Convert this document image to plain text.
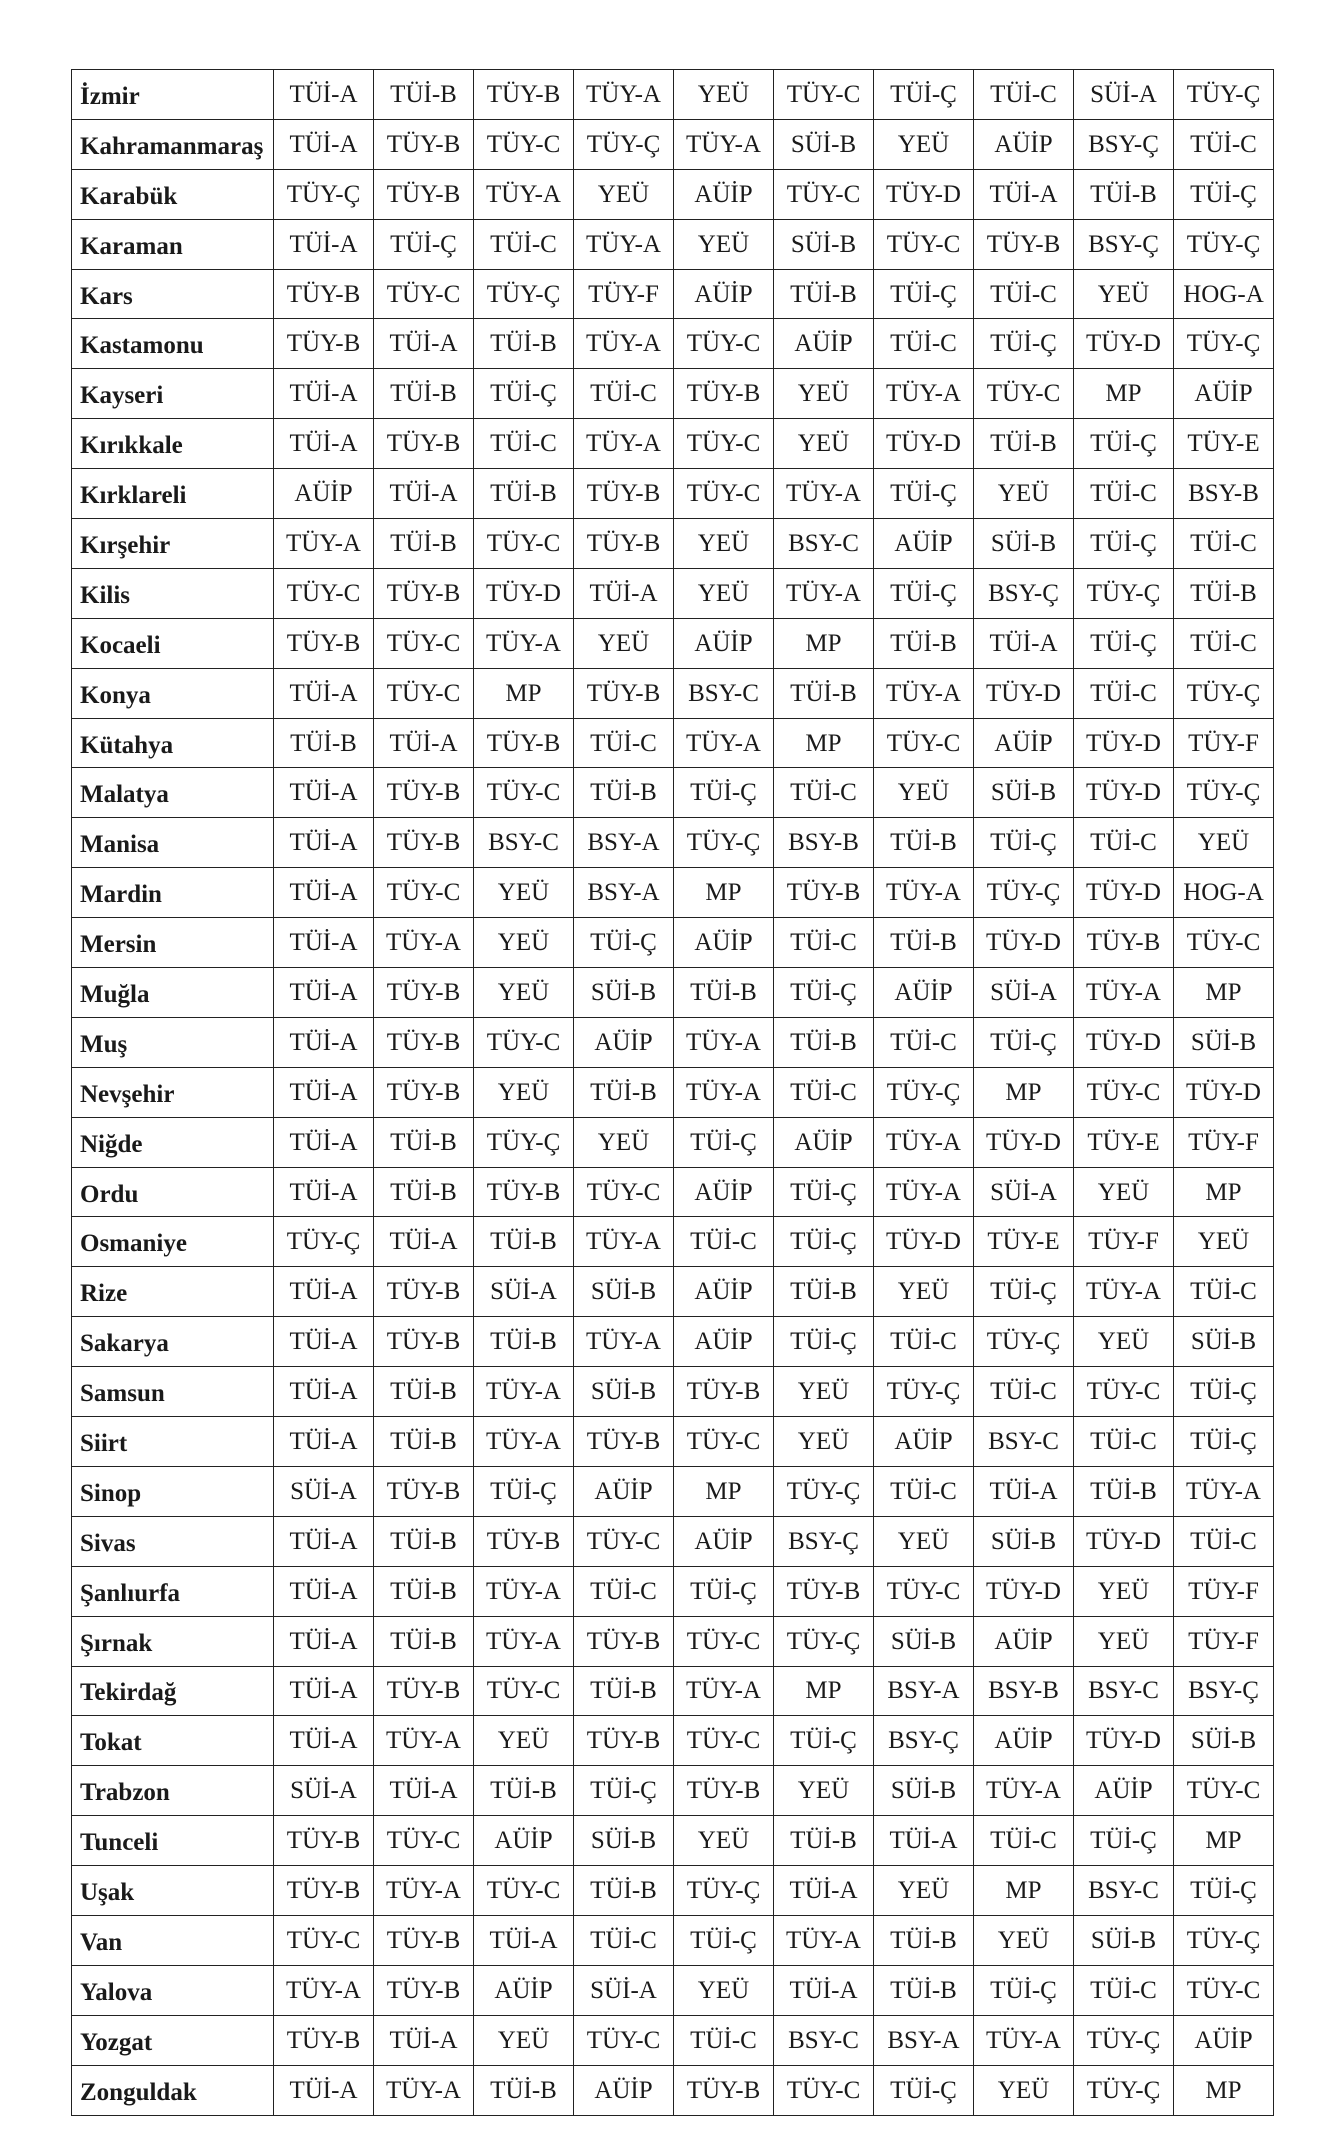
İzmir	TÜİ-A	TÜİ-B	TÜY-B	TÜY-A	YEÜ	TÜY-C	TÜİ-Ç	TÜİ-C	SÜİ-A	TÜY-Ç
Kahramanmaraş	TÜİ-A	TÜY-B	TÜY-C	TÜY-Ç	TÜY-A	SÜİ-B	YEÜ	AÜİP	BSY-Ç	TÜİ-C
Karabük	TÜY-Ç	TÜY-B	TÜY-A	YEÜ	AÜİP	TÜY-C	TÜY-D	TÜİ-A	TÜİ-B	TÜİ-Ç
Karaman	TÜİ-A	TÜİ-Ç	TÜİ-C	TÜY-A	YEÜ	SÜİ-B	TÜY-C	TÜY-B	BSY-Ç	TÜY-Ç
Kars	TÜY-B	TÜY-C	TÜY-Ç	TÜY-F	AÜİP	TÜİ-B	TÜİ-Ç	TÜİ-C	YEÜ	HOG-A
Kastamonu	TÜY-B	TÜİ-A	TÜİ-B	TÜY-A	TÜY-C	AÜİP	TÜİ-C	TÜİ-Ç	TÜY-D	TÜY-Ç
Kayseri	TÜİ-A	TÜİ-B	TÜİ-Ç	TÜİ-C	TÜY-B	YEÜ	TÜY-A	TÜY-C	MP	AÜİP
Kırıkkale	TÜİ-A	TÜY-B	TÜİ-C	TÜY-A	TÜY-C	YEÜ	TÜY-D	TÜİ-B	TÜİ-Ç	TÜY-E
Kırklareli	AÜİP	TÜİ-A	TÜİ-B	TÜY-B	TÜY-C	TÜY-A	TÜİ-Ç	YEÜ	TÜİ-C	BSY-B
Kırşehir	TÜY-A	TÜİ-B	TÜY-C	TÜY-B	YEÜ	BSY-C	AÜİP	SÜİ-B	TÜİ-Ç	TÜİ-C
Kilis	TÜY-C	TÜY-B	TÜY-D	TÜİ-A	YEÜ	TÜY-A	TÜİ-Ç	BSY-Ç	TÜY-Ç	TÜİ-B
Kocaeli	TÜY-B	TÜY-C	TÜY-A	YEÜ	AÜİP	MP	TÜİ-B	TÜİ-A	TÜİ-Ç	TÜİ-C
Konya	TÜİ-A	TÜY-C	MP	TÜY-B	BSY-C	TÜİ-B	TÜY-A	TÜY-D	TÜİ-C	TÜY-Ç
Kütahya	TÜİ-B	TÜİ-A	TÜY-B	TÜİ-C	TÜY-A	MP	TÜY-C	AÜİP	TÜY-D	TÜY-F
Malatya	TÜİ-A	TÜY-B	TÜY-C	TÜİ-B	TÜİ-Ç	TÜİ-C	YEÜ	SÜİ-B	TÜY-D	TÜY-Ç
Manisa	TÜİ-A	TÜY-B	BSY-C	BSY-A	TÜY-Ç	BSY-B	TÜİ-B	TÜİ-Ç	TÜİ-C	YEÜ
Mardin	TÜİ-A	TÜY-C	YEÜ	BSY-A	MP	TÜY-B	TÜY-A	TÜY-Ç	TÜY-D	HOG-A
Mersin	TÜİ-A	TÜY-A	YEÜ	TÜİ-Ç	AÜİP	TÜİ-C	TÜİ-B	TÜY-D	TÜY-B	TÜY-C
Muğla	TÜİ-A	TÜY-B	YEÜ	SÜİ-B	TÜİ-B	TÜİ-Ç	AÜİP	SÜİ-A	TÜY-A	MP
Muş	TÜİ-A	TÜY-B	TÜY-C	AÜİP	TÜY-A	TÜİ-B	TÜİ-C	TÜİ-Ç	TÜY-D	SÜİ-B
Nevşehir	TÜİ-A	TÜY-B	YEÜ	TÜİ-B	TÜY-A	TÜİ-C	TÜY-Ç	MP	TÜY-C	TÜY-D
Niğde	TÜİ-A	TÜİ-B	TÜY-Ç	YEÜ	TÜİ-Ç	AÜİP	TÜY-A	TÜY-D	TÜY-E	TÜY-F
Ordu	TÜİ-A	TÜİ-B	TÜY-B	TÜY-C	AÜİP	TÜİ-Ç	TÜY-A	SÜİ-A	YEÜ	MP
Osmaniye	TÜY-Ç	TÜİ-A	TÜİ-B	TÜY-A	TÜİ-C	TÜİ-Ç	TÜY-D	TÜY-E	TÜY-F	YEÜ
Rize	TÜİ-A	TÜY-B	SÜİ-A	SÜİ-B	AÜİP	TÜİ-B	YEÜ	TÜİ-Ç	TÜY-A	TÜİ-C
Sakarya	TÜİ-A	TÜY-B	TÜİ-B	TÜY-A	AÜİP	TÜİ-Ç	TÜİ-C	TÜY-Ç	YEÜ	SÜİ-B
Samsun	TÜİ-A	TÜİ-B	TÜY-A	SÜİ-B	TÜY-B	YEÜ	TÜY-Ç	TÜİ-C	TÜY-C	TÜİ-Ç
Siirt	TÜİ-A	TÜİ-B	TÜY-A	TÜY-B	TÜY-C	YEÜ	AÜİP	BSY-C	TÜİ-C	TÜİ-Ç
Sinop	SÜİ-A	TÜY-B	TÜİ-Ç	AÜİP	MP	TÜY-Ç	TÜİ-C	TÜİ-A	TÜİ-B	TÜY-A
Sivas	TÜİ-A	TÜİ-B	TÜY-B	TÜY-C	AÜİP	BSY-Ç	YEÜ	SÜİ-B	TÜY-D	TÜİ-C
Şanlıurfa	TÜİ-A	TÜİ-B	TÜY-A	TÜİ-C	TÜİ-Ç	TÜY-B	TÜY-C	TÜY-D	YEÜ	TÜY-F
Şırnak	TÜİ-A	TÜİ-B	TÜY-A	TÜY-B	TÜY-C	TÜY-Ç	SÜİ-B	AÜİP	YEÜ	TÜY-F
Tekirdağ	TÜİ-A	TÜY-B	TÜY-C	TÜİ-B	TÜY-A	MP	BSY-A	BSY-B	BSY-C	BSY-Ç
Tokat	TÜİ-A	TÜY-A	YEÜ	TÜY-B	TÜY-C	TÜİ-Ç	BSY-Ç	AÜİP	TÜY-D	SÜİ-B
Trabzon	SÜİ-A	TÜİ-A	TÜİ-B	TÜİ-Ç	TÜY-B	YEÜ	SÜİ-B	TÜY-A	AÜİP	TÜY-C
Tunceli	TÜY-B	TÜY-C	AÜİP	SÜİ-B	YEÜ	TÜİ-B	TÜİ-A	TÜİ-C	TÜİ-Ç	MP
Uşak	TÜY-B	TÜY-A	TÜY-C	TÜİ-B	TÜY-Ç	TÜİ-A	YEÜ	MP	BSY-C	TÜİ-Ç
Van	TÜY-C	TÜY-B	TÜİ-A	TÜİ-C	TÜİ-Ç	TÜY-A	TÜİ-B	YEÜ	SÜİ-B	TÜY-Ç
Yalova	TÜY-A	TÜY-B	AÜİP	SÜİ-A	YEÜ	TÜİ-A	TÜİ-B	TÜİ-Ç	TÜİ-C	TÜY-C
Yozgat	TÜY-B	TÜİ-A	YEÜ	TÜY-C	TÜİ-C	BSY-C	BSY-A	TÜY-A	TÜY-Ç	AÜİP
Zonguldak	TÜİ-A	TÜY-A	TÜİ-B	AÜİP	TÜY-B	TÜY-C	TÜİ-Ç	YEÜ	TÜY-Ç	MP
